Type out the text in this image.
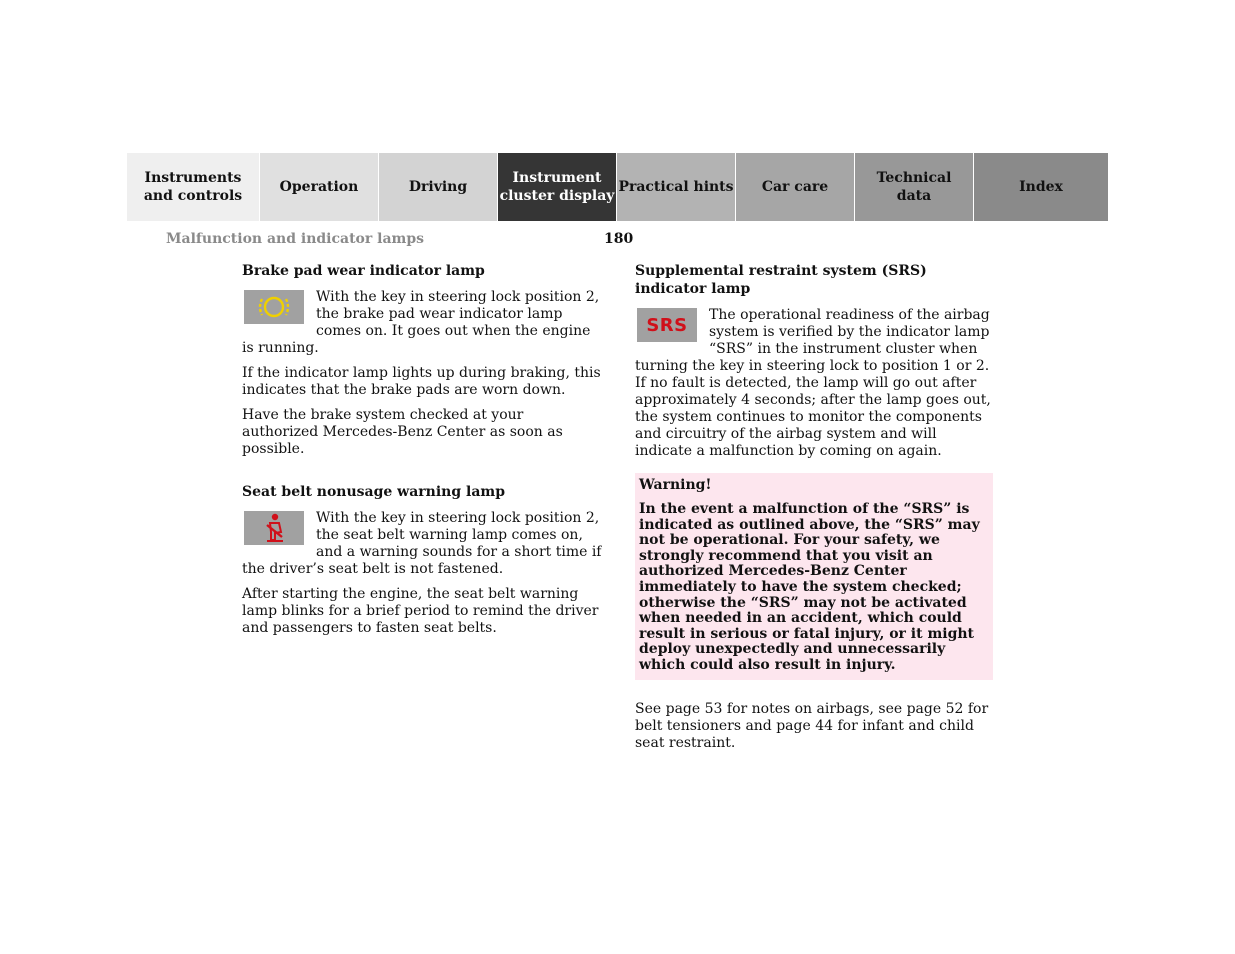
Instruments
and controls
Operation	Driving
Instrument
cluster display
Practical hints	Car care
Technical
data
Index
Malfunction and indicator lamps	180
Brake pad wear indicator lamp

With the key in steering lock position 2, the brake pad wear indicator lamp comes on. It goes out when the engine is running.

If the indicator lamp lights up during braking, this indicates that the brake pads are worn down.

Have the brake system checked at your authorized Mercedes-Benz Center as soon as possible.

Seat belt nonusage warning lamp

With the key in steering lock position 2, the seat belt warning lamp comes on, and a warning sounds for a short time if the driver’s seat belt is not fastened.

After starting the engine, the seat belt warning lamp blinks for a brief period to remind the driver and passengers to fasten seat belts.

Supplemental restraint system (SRS) indicator lamp
SRS	The operational readiness of the airbag system is verified by the indicator lamp “SRS” in the instrument cluster when turning the key in steering lock to position 1 or 2. If no fault is detected, the lamp will go out after approximately 4 seconds; after the lamp goes out, the system continues to monitor the components and circuitry of the airbag system and will indicate a malfunction by coming on again.

Warning!

In the event a malfunction of the “SRS” is indicated as outlined above, the “SRS” may not be operational. For your safety, we strongly recommend that you visit an authorized Mercedes-Benz Center immediately to have the system checked; otherwise the “SRS” may not be activated when needed in an accident, which could result in serious or fatal injury, or it might deploy unexpectedly and unnecessarily which could also result in injury.

See page 53 for notes on airbags, see page 52 for belt tensioners and page 44 for infant and child seat restraint.
